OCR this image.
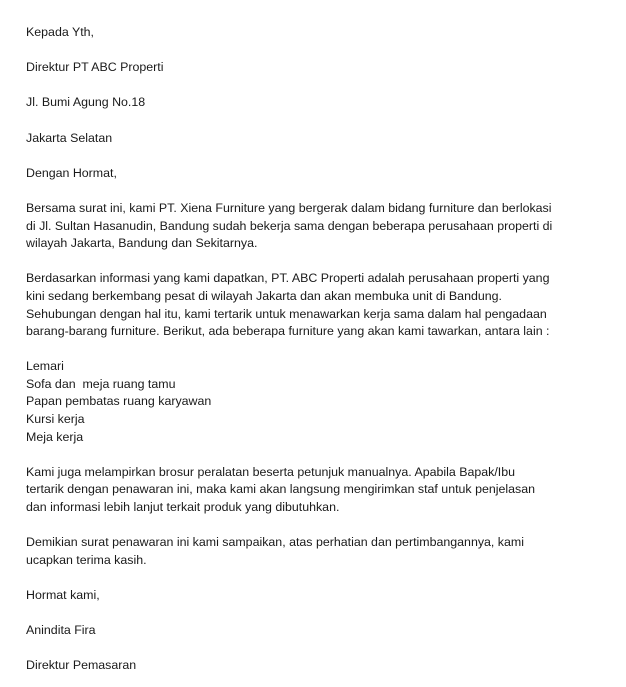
Kepada Yth,
Direktur PT ABC Properti
Jl. Bumi Agung No.18
Jakarta Selatan
Dengan Hormat,
Bersama surat ini, kami PT. Xiena Furniture yang bergerak dalam bidang furniture dan berlokasi
di Jl. Sultan Hasanudin, Bandung sudah bekerja sama dengan beberapa perusahaan properti di
wilayah Jakarta, Bandung dan Sekitarnya.
Berdasarkan informasi yang kami dapatkan, PT. ABC Properti adalah perusahaan properti yang
kini sedang berkembang pesat di wilayah Jakarta dan akan membuka unit di Bandung.
Sehubungan dengan hal itu, kami tertarik untuk menawarkan kerja sama dalam hal pengadaan
barang-barang furniture. Berikut, ada beberapa furniture yang akan kami tawarkan, antara lain :
Lemari
Sofa dan  meja ruang tamu
Papan pembatas ruang karyawan
Kursi kerja
Meja kerja
Kami juga melampirkan brosur peralatan beserta petunjuk manualnya. Apabila Bapak/Ibu
tertarik dengan penawaran ini, maka kami akan langsung mengirimkan staf untuk penjelasan
dan informasi lebih lanjut terkait produk yang dibutuhkan.
Demikian surat penawaran ini kami sampaikan, atas perhatian dan pertimbangannya, kami
ucapkan terima kasih.
Hormat kami,
Anindita Fira
Direktur Pemasaran
